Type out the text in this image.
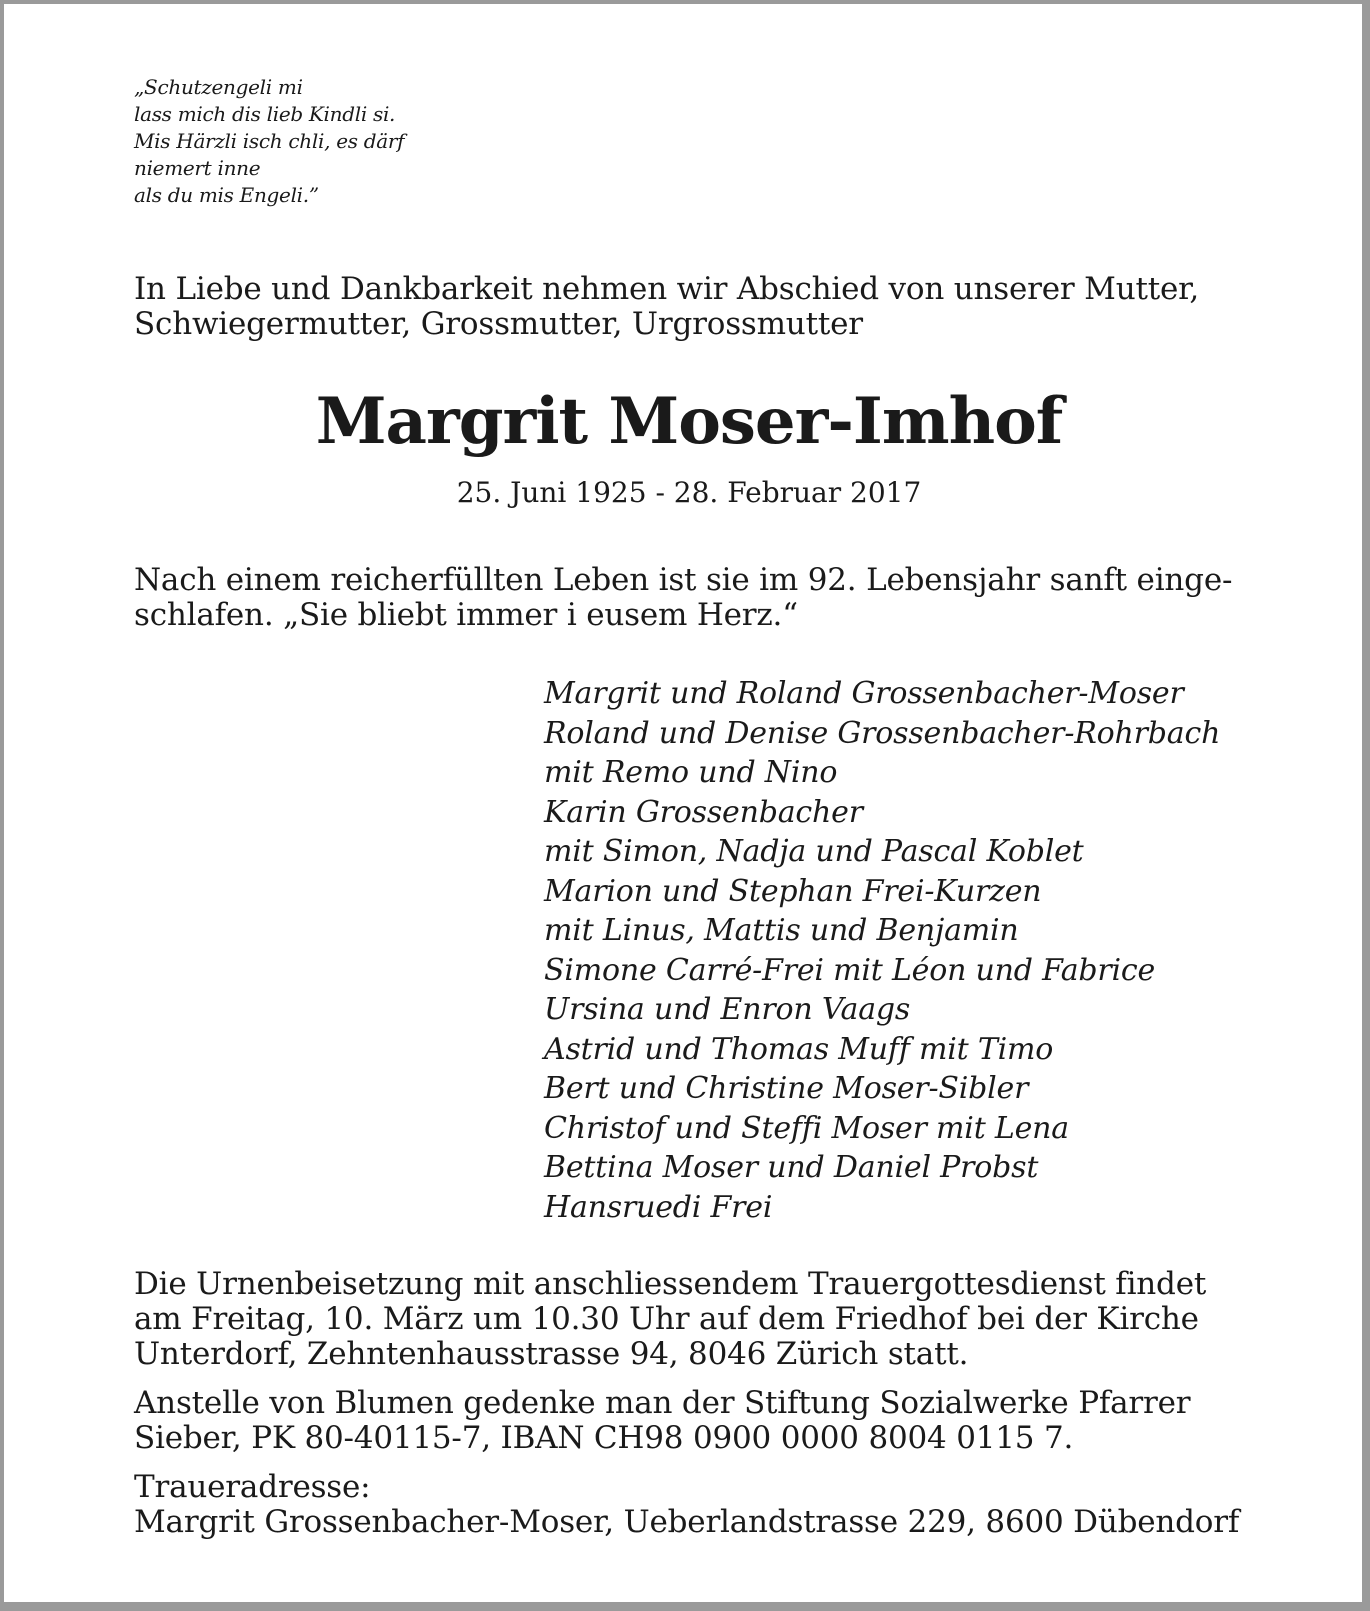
„Schutzengeli mi
lass mich dis lieb Kindli si.
Mis Härzli isch chli, es därf
niemert inne
als du mis Engeli.”
In Liebe und Dankbarkeit nehmen wir Abschied von unserer Mutter,
Schwiegermutter, Grossmutter, Urgrossmutter
Margrit Moser-Imhof
25. Juni 1925 - 28. Februar 2017
Nach einem reicherfüllten Leben ist sie im 92. Lebensjahr sanft einge-
schlafen. „Sie bliebt immer i eusem Herz.“
Margrit und Roland Grossenbacher-Moser
Roland und Denise Grossenbacher-Rohrbach
mit Remo und Nino
Karin Grossenbacher
mit Simon, Nadja und Pascal Koblet
Marion und Stephan Frei-Kurzen
mit Linus, Mattis und Benjamin
Simone Carré-Frei mit Léon und Fabrice
Ursina und Enron Vaags
Astrid und Thomas Muff mit Timo
Bert und Christine Moser-Sibler
Christof und Steffi Moser mit Lena
Bettina Moser und Daniel Probst
Hansruedi Frei
Die Urnenbeisetzung mit anschliessendem Trauergottesdienst findet
am Freitag, 10. März um 10.30 Uhr auf dem Friedhof bei der Kirche
Unterdorf, Zehntenhausstrasse 94, 8046 Zürich statt.
Anstelle von Blumen gedenke man der Stiftung Sozialwerke Pfarrer
Sieber, PK 80-40115-7, IBAN CH98 0900 0000 8004 0115 7.
Traueradresse:
Margrit Grossenbacher-Moser, Ueberlandstrasse 229, 8600 Dübendorf
